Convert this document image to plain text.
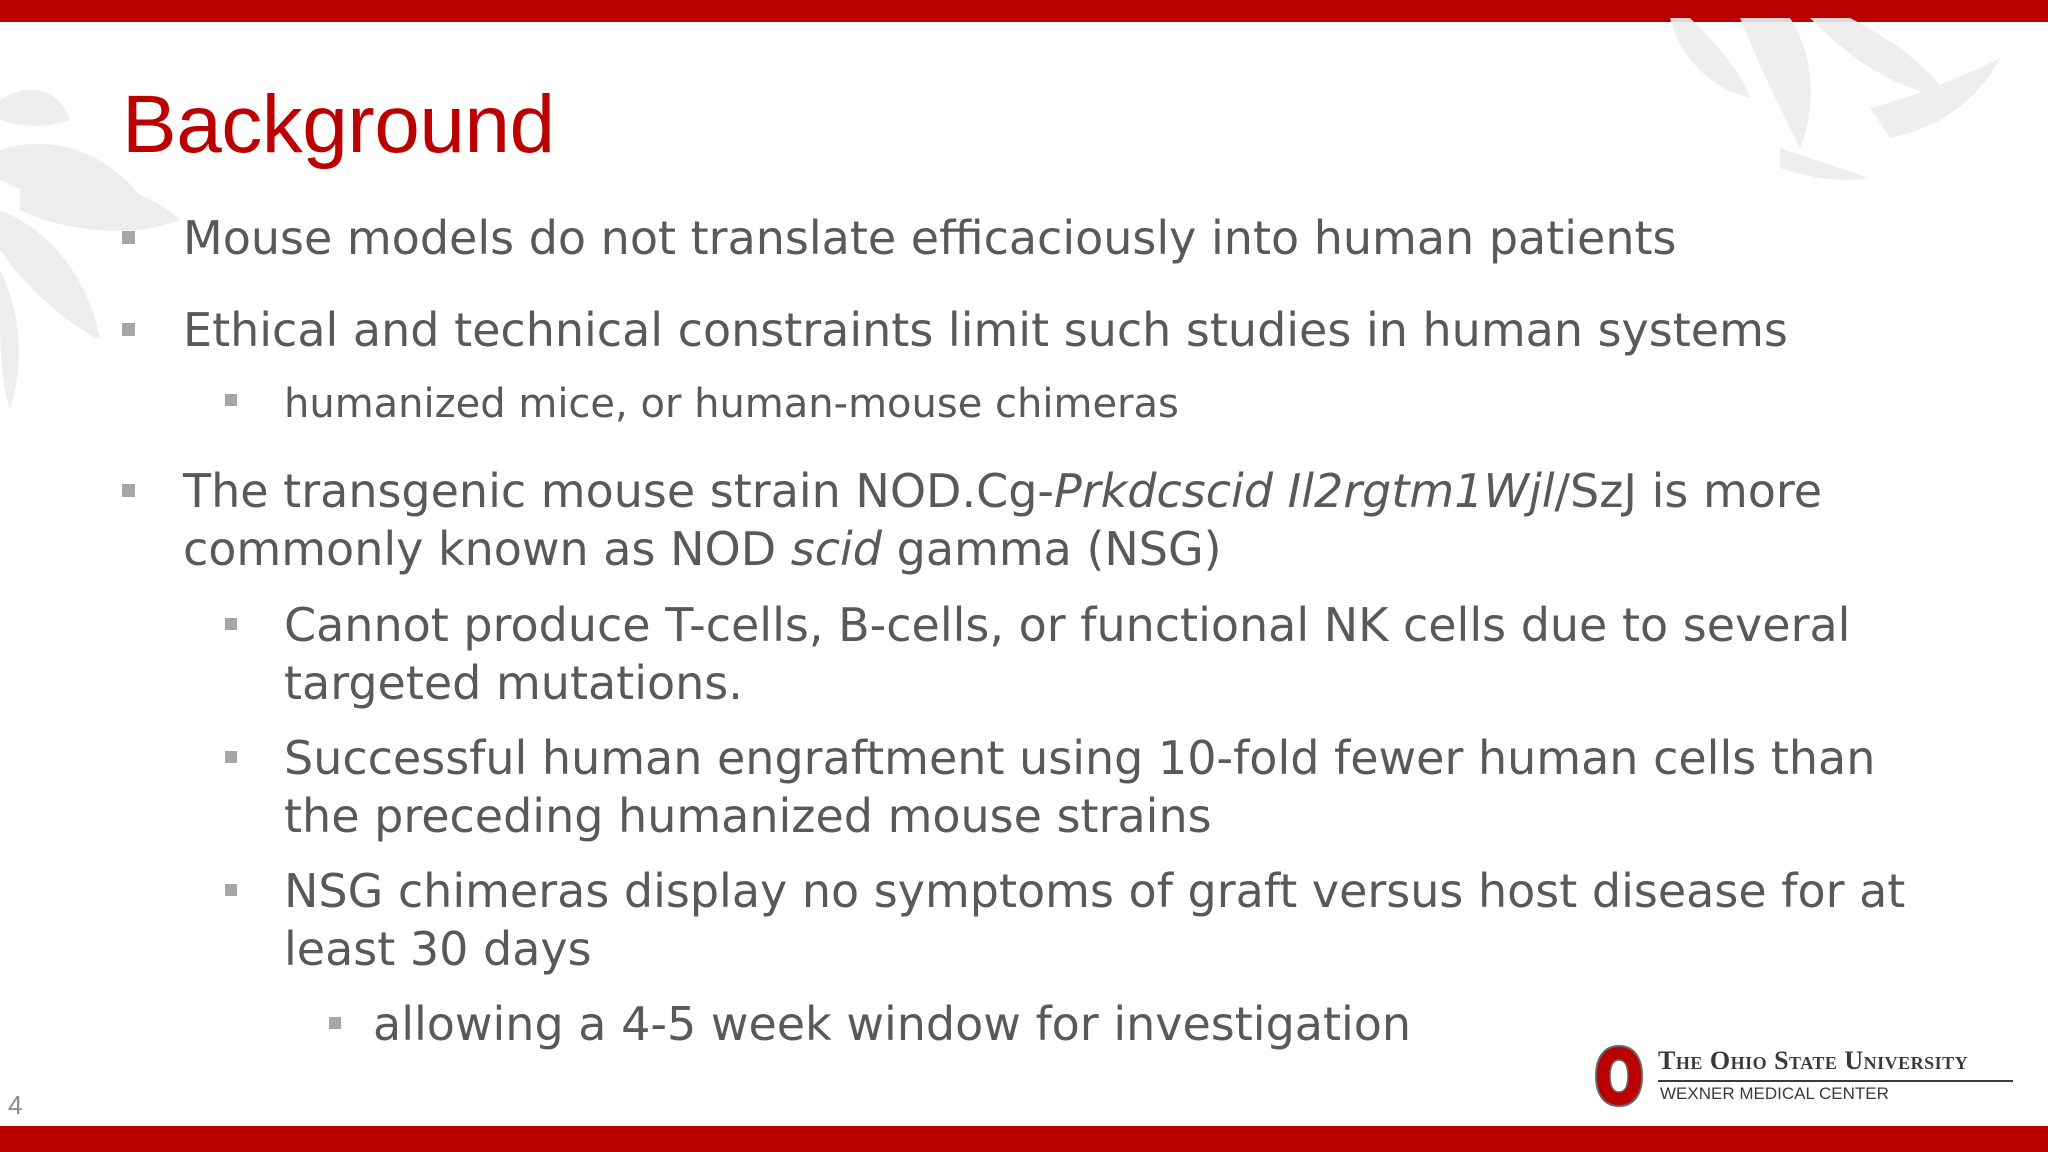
Background
Mouse models do not translate efficaciously into human patients
Ethical and technical constraints limit such studies in human systems
humanized mice, or human-mouse chimeras
The transgenic mouse strain NOD.Cg-Prkdcscid Il2rgtm1Wjl/SzJ is more
commonly known as NOD scid gamma (NSG)
Cannot produce T-cells, B-cells, or functional NK cells due to several targeted mutations.
Successful human engraftment using 10-fold fewer human cells than the preceding humanized mouse strains
NSG chimeras display no symptoms of graft versus host disease for at least 30 days
allowing a 4-5 week window for investigation
4
The Ohio State University
WEXNER MEDICAL CENTER
